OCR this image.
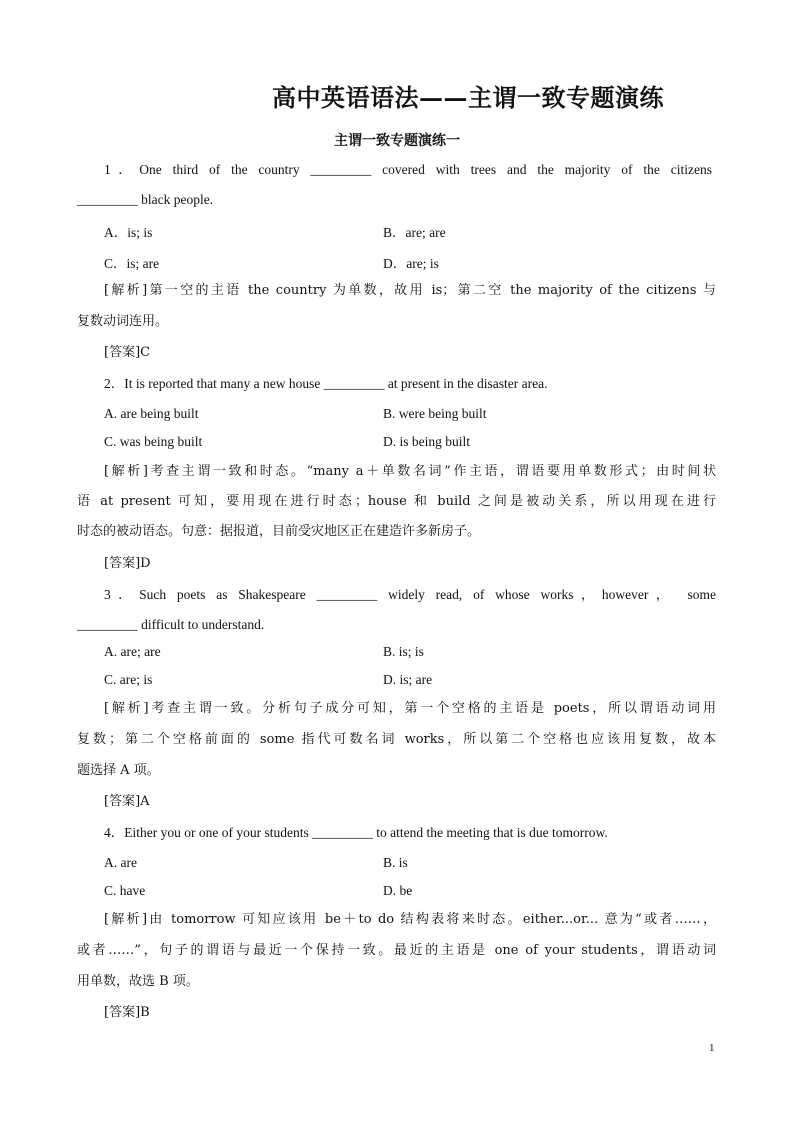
高中英语语法——主谓一致专题演练
主谓一致专题演练一
1．One third of the country _________ covered with trees and the majority of the citizens
_________ black people.
A．is; is	B．are; are
C．is; are	D．are; is
[解析]第一空的主语 the country 为单数，故用 is；第二空 the majority of the citizens 与
复数动词连用。
[答案]C
2．It is reported that many a new house _________ at present in the disaster area.
A. are being built	B. were being built
C. was being built	D. is being built
[解析]考查主谓一致和时态。“many a＋单数名词”作主语，谓语要用单数形式；由时间状
语 at present 可知，要用现在进行时态；house 和 build 之间是被动关系，所以用现在进行
时态的被动语态。句意：据报道，目前受灾地区正在建造许多新房子。
[答案]D
3．Such poets as Shakespeare _________ widely read, of whose works，however， some
_________ difficult to understand.
A. are; are	B. is; is
C. are; is	D. is; are
[解析]考查主谓一致。分析句子成分可知，第一个空格的主语是 poets，所以谓语动词用
复数；第二个空格前面的 some 指代可数名词 works，所以第二个空格也应该用复数，故本
题选择 A 项。
[答案]A
4．Either you or one of your students _________ to attend the meeting that is due tomorrow.
A. are	B. is
C. have	D. be
[解析]由 tomorrow 可知应该用 be＋to do 结构表将来时态。either...or... 意为“或者……，
或者……”，句子的谓语与最近一个保持一致。最近的主语是 one of your students，谓语动词
用单数，故选 B 项。
[答案]B
1
